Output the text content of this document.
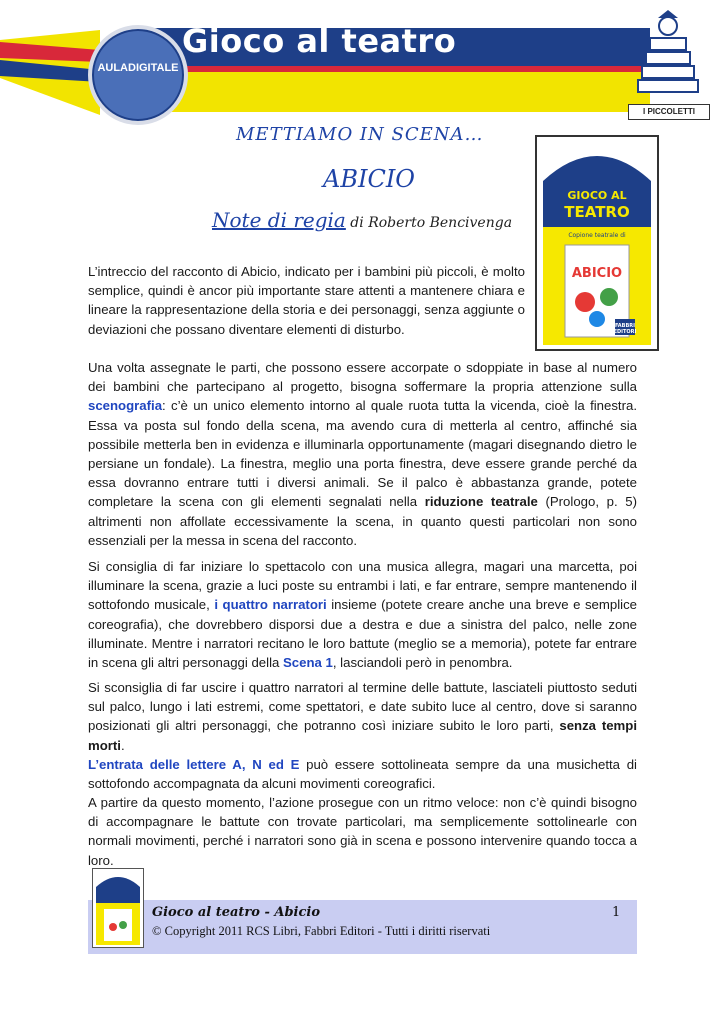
AULADIGITALE
Gioco al teatro
I PICCOLETTI
METTIAMO IN SCENA…
ABICIO
Note di regia di Roberto Bencivenga
GIOCO AL
TEATRO
Copione teatrale di
ABICIO
FABBRI
EDITORI

L’intreccio del racconto di Abicio, indicato per i bambini più piccoli, è molto semplice, quindi è ancor più importante stare attenti a mantenere chiara e lineare la rappresentazione della storia e dei personaggi, senza aggiunte o deviazioni che possano diventare elementi di disturbo.

Una volta assegnate le parti, che possono essere accorpate o sdoppiate in base al numero dei bambini che partecipano al progetto, bisogna soffermare la propria attenzione sulla scenografia: c’è un unico elemento intorno al quale ruota tutta la vicenda, cioè la finestra. Essa va posta sul fondo della scena, ma avendo cura di metterla al centro, affinché sia possibile metterla ben in evidenza e illuminarla opportunamente (magari disegnando dietro le persiane un fondale). La finestra, meglio una porta finestra, deve essere grande perché da essa dovranno entrare tutti i diversi animali. Se il palco è abbastanza grande, potete completare la scena con gli elementi segnalati nella riduzione teatrale (Prologo, p. 5) altrimenti non affollate eccessivamente la scena, in quanto questi particolari non sono essenziali per la messa in scena del racconto.

Si consiglia di far iniziare lo spettacolo con una musica allegra, magari una marcetta, poi illuminare la scena, grazie a luci poste su entrambi i lati, e far entrare, sempre mantenendo il sottofondo musicale, i quattro narratori insieme (potete creare anche una breve e semplice coreografia), che dovrebbero disporsi due a destra e due a sinistra del palco, nelle zone illuminate. Mentre i narratori recitano le loro battute (meglio se a memoria), potete far entrare in scena gli altri personaggi della Scena 1, lasciandoli però in penombra.

Si sconsiglia di far uscire i quattro narratori al termine delle battute, lasciateli piuttosto seduti sul palco, lungo i lati estremi, come spettatori, e date subito luce al centro, dove si saranno posizionati gli altri personaggi, che potranno così iniziare subito le loro parti, senza tempi morti.

L’entrata delle lettere A, N ed E può essere sottolineata sempre da una musichetta di sottofondo accompagnata da alcuni movimenti coreografici.

A partire da questo momento, l’azione prosegue con un ritmo veloce: non c’è quindi bisogno di accompagnare le battute con trovate particolari, ma semplicemente sottolinearle con normali movimenti, perché i narratori sono già in scena e possono intervenire quando tocca a loro.

Gioco al teatro - Abicio	1
© Copyright 2011 RCS Libri, Fabbri Editori - Tutti i diritti riservati
